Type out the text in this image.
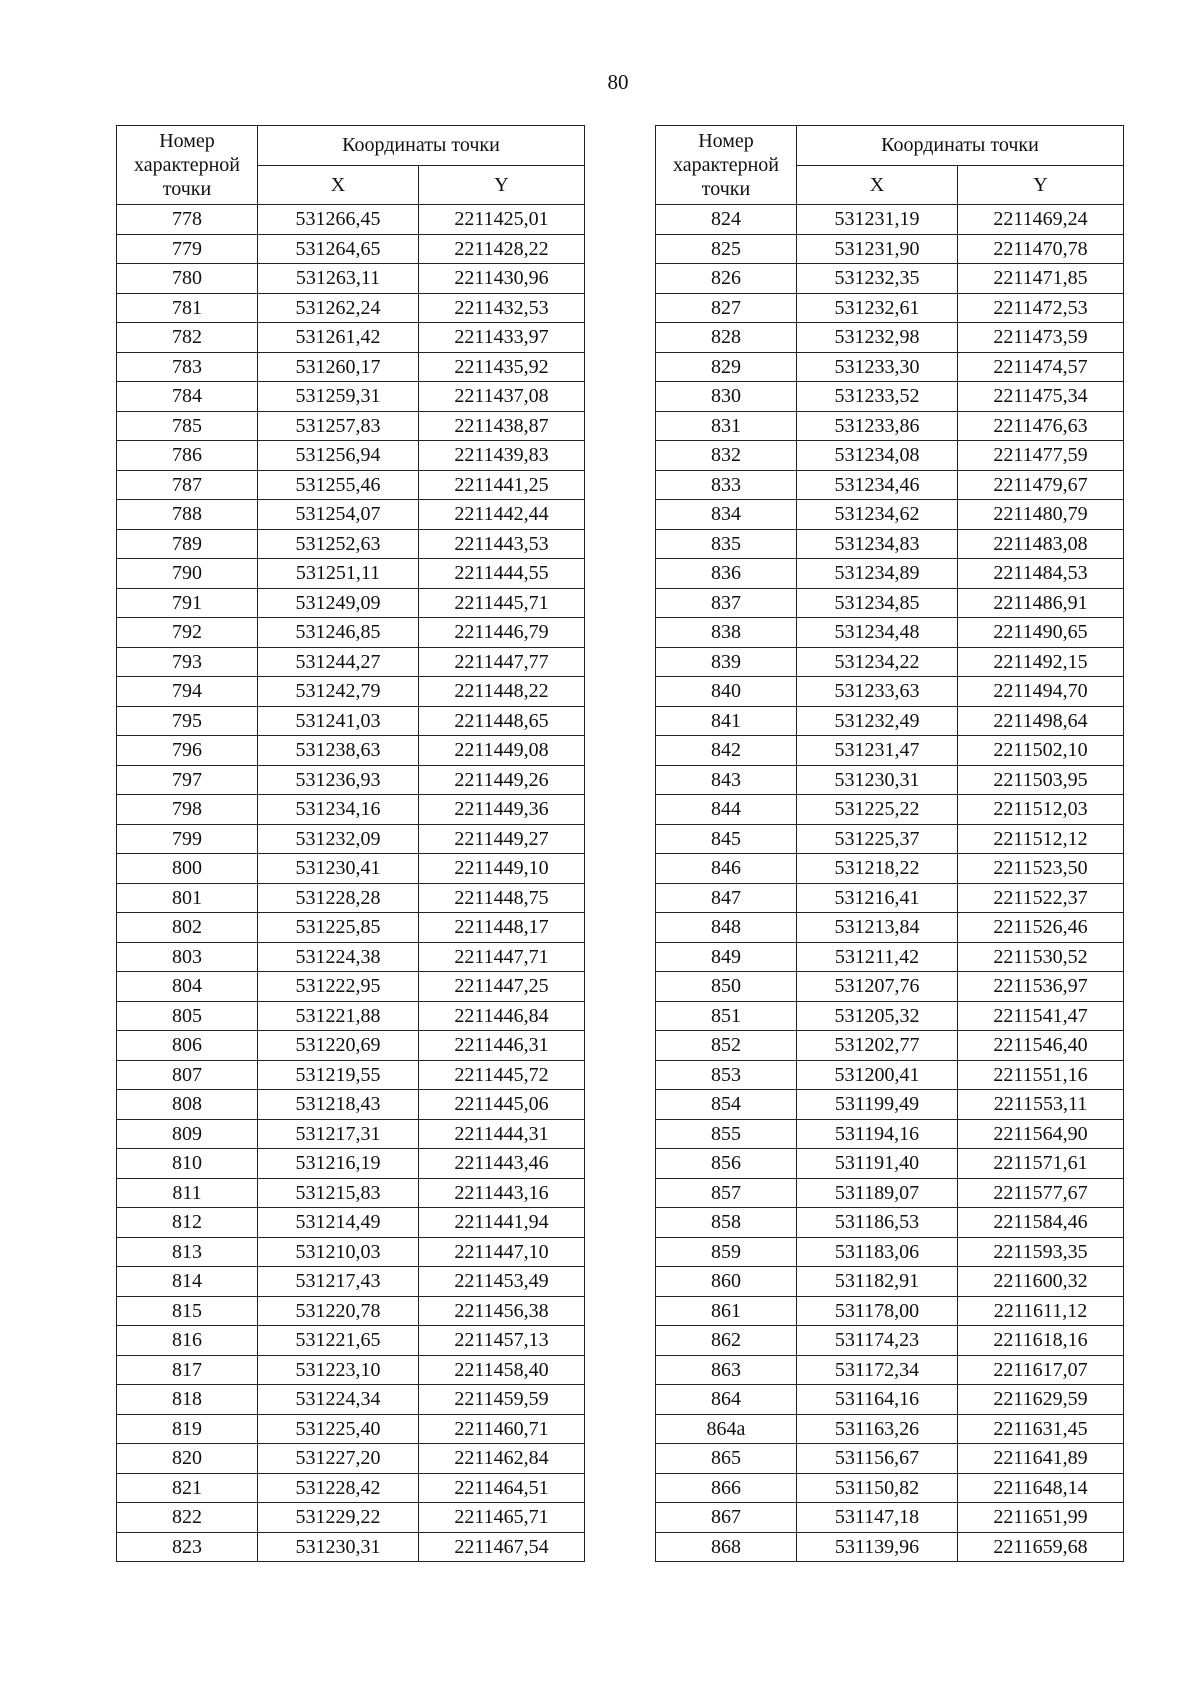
80
Номер характерной точки	Координаты точки	
	X	Y
778	531266,45	2211425,01
779	531264,65	2211428,22
780	531263,11	2211430,96
781	531262,24	2211432,53
782	531261,42	2211433,97
783	531260,17	2211435,92
784	531259,31	2211437,08
785	531257,83	2211438,87
786	531256,94	2211439,83
787	531255,46	2211441,25
788	531254,07	2211442,44
789	531252,63	2211443,53
790	531251,11	2211444,55
791	531249,09	2211445,71
792	531246,85	2211446,79
793	531244,27	2211447,77
794	531242,79	2211448,22
795	531241,03	2211448,65
796	531238,63	2211449,08
797	531236,93	2211449,26
798	531234,16	2211449,36
799	531232,09	2211449,27
800	531230,41	2211449,10
801	531228,28	2211448,75
802	531225,85	2211448,17
803	531224,38	2211447,71
804	531222,95	2211447,25
805	531221,88	2211446,84
806	531220,69	2211446,31
807	531219,55	2211445,72
808	531218,43	2211445,06
809	531217,31	2211444,31
810	531216,19	2211443,46
811	531215,83	2211443,16
812	531214,49	2211441,94
813	531210,03	2211447,10
814	531217,43	2211453,49
815	531220,78	2211456,38
816	531221,65	2211457,13
817	531223,10	2211458,40
818	531224,34	2211459,59
819	531225,40	2211460,71
820	531227,20	2211462,84
821	531228,42	2211464,51
822	531229,22	2211465,71
823	531230,31	2211467,54
Номер характерной точки	Координаты точки	
	X	Y
824	531231,19	2211469,24
825	531231,90	2211470,78
826	531232,35	2211471,85
827	531232,61	2211472,53
828	531232,98	2211473,59
829	531233,30	2211474,57
830	531233,52	2211475,34
831	531233,86	2211476,63
832	531234,08	2211477,59
833	531234,46	2211479,67
834	531234,62	2211480,79
835	531234,83	2211483,08
836	531234,89	2211484,53
837	531234,85	2211486,91
838	531234,48	2211490,65
839	531234,22	2211492,15
840	531233,63	2211494,70
841	531232,49	2211498,64
842	531231,47	2211502,10
843	531230,31	2211503,95
844	531225,22	2211512,03
845	531225,37	2211512,12
846	531218,22	2211523,50
847	531216,41	2211522,37
848	531213,84	2211526,46
849	531211,42	2211530,52
850	531207,76	2211536,97
851	531205,32	2211541,47
852	531202,77	2211546,40
853	531200,41	2211551,16
854	531199,49	2211553,11
855	531194,16	2211564,90
856	531191,40	2211571,61
857	531189,07	2211577,67
858	531186,53	2211584,46
859	531183,06	2211593,35
860	531182,91	2211600,32
861	531178,00	2211611,12
862	531174,23	2211618,16
863	531172,34	2211617,07
864	531164,16	2211629,59
864а	531163,26	2211631,45
865	531156,67	2211641,89
866	531150,82	2211648,14
867	531147,18	2211651,99
868	531139,96	2211659,68
